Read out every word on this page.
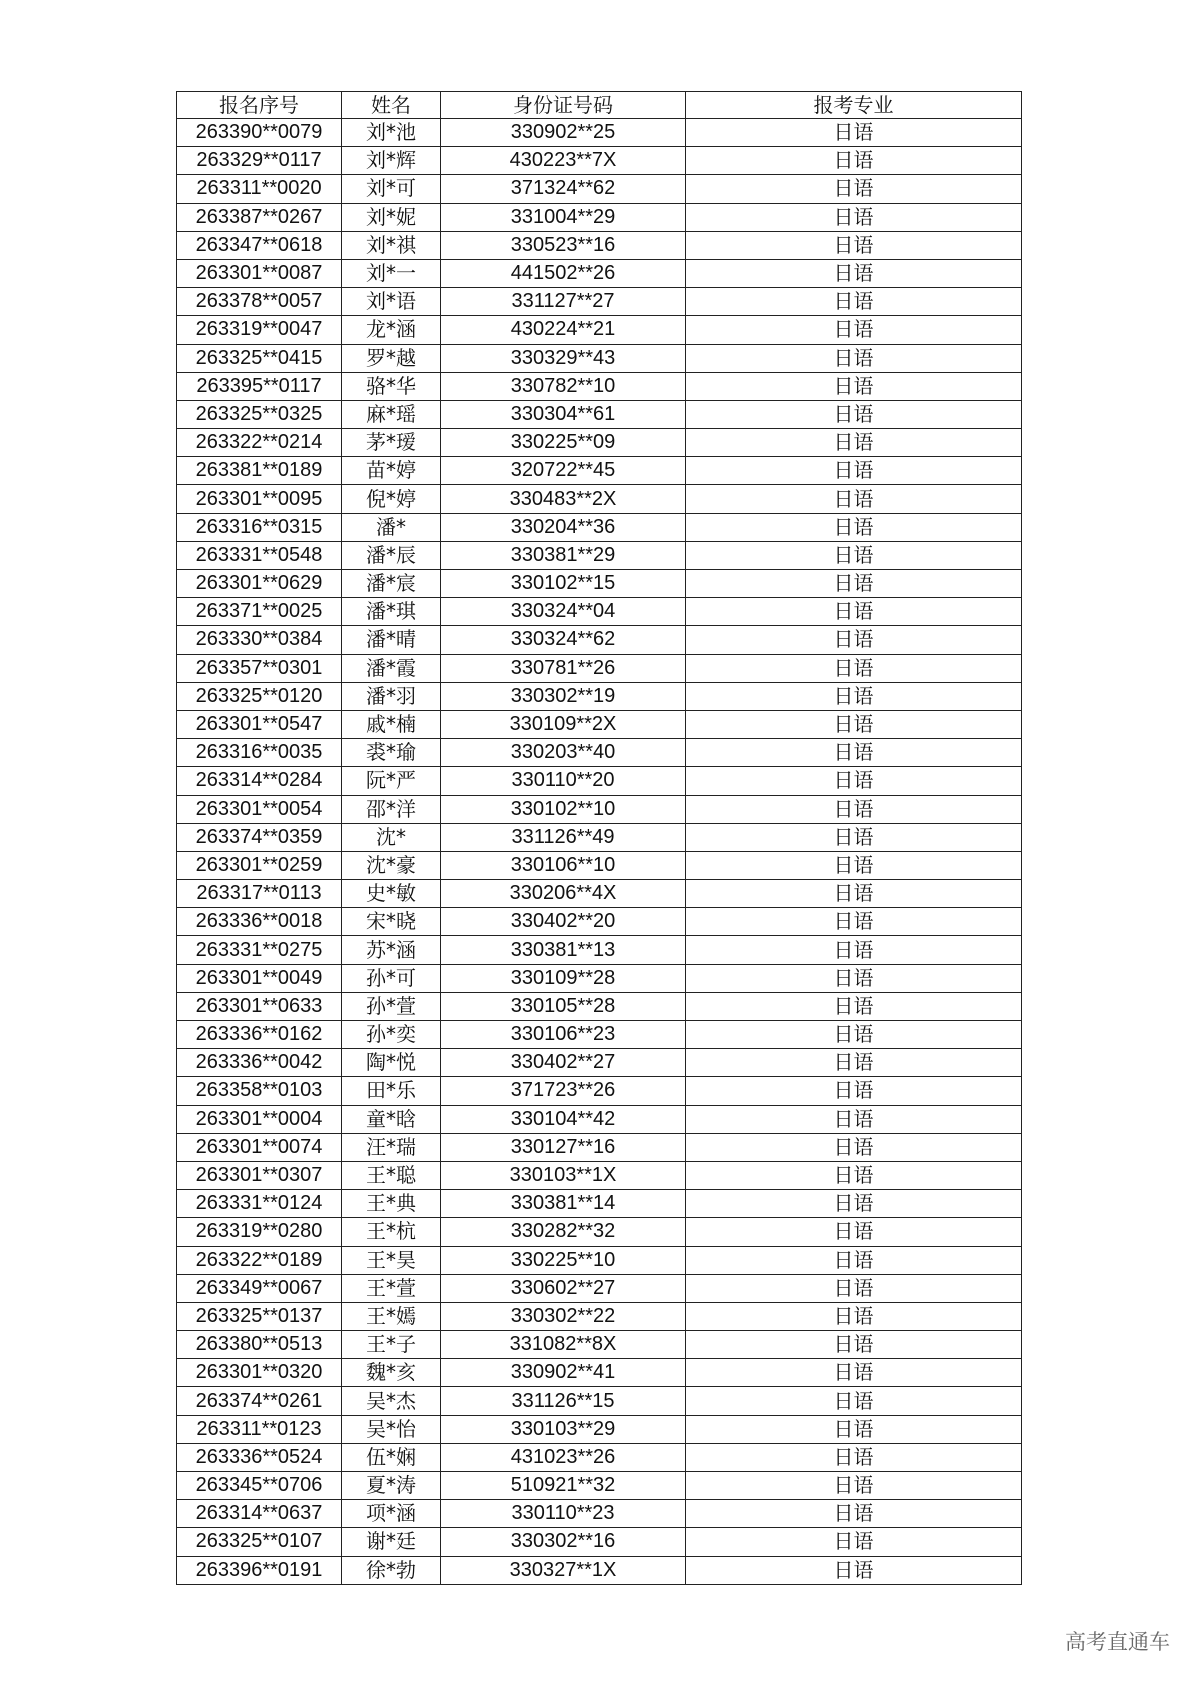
报名序号	姓名	身份证号码	报考专业
263390**0079	刘*池	330902**25	日语
263329**0117	刘*辉	430223**7X	日语
263311**0020	刘*可	371324**62	日语
263387**0267	刘*妮	331004**29	日语
263347**0618	刘*祺	330523**16	日语
263301**0087	刘*一	441502**26	日语
263378**0057	刘*语	331127**27	日语
263319**0047	龙*涵	430224**21	日语
263325**0415	罗*越	330329**43	日语
263395**0117	骆*华	330782**10	日语
263325**0325	麻*瑶	330304**61	日语
263322**0214	茅*瑷	330225**09	日语
263381**0189	苗*婷	320722**45	日语
263301**0095	倪*婷	330483**2X	日语
263316**0315	潘*	330204**36	日语
263331**0548	潘*辰	330381**29	日语
263301**0629	潘*宸	330102**15	日语
263371**0025	潘*琪	330324**04	日语
263330**0384	潘*晴	330324**62	日语
263357**0301	潘*霞	330781**26	日语
263325**0120	潘*羽	330302**19	日语
263301**0547	戚*楠	330109**2X	日语
263316**0035	裘*瑜	330203**40	日语
263314**0284	阮*严	330110**20	日语
263301**0054	邵*洋	330102**10	日语
263374**0359	沈*	331126**49	日语
263301**0259	沈*豪	330106**10	日语
263317**0113	史*敏	330206**4X	日语
263336**0018	宋*晓	330402**20	日语
263331**0275	苏*涵	330381**13	日语
263301**0049	孙*可	330109**28	日语
263301**0633	孙*萱	330105**28	日语
263336**0162	孙*奕	330106**23	日语
263336**0042	陶*悦	330402**27	日语
263358**0103	田*乐	371723**26	日语
263301**0004	童*晗	330104**42	日语
263301**0074	汪*瑞	330127**16	日语
263301**0307	王*聪	330103**1X	日语
263331**0124	王*典	330381**14	日语
263319**0280	王*杭	330282**32	日语
263322**0189	王*昊	330225**10	日语
263349**0067	王*萱	330602**27	日语
263325**0137	王*嫣	330302**22	日语
263380**0513	王*子	331082**8X	日语
263301**0320	魏*亥	330902**41	日语
263374**0261	吴*杰	331126**15	日语
263311**0123	吴*怡	330103**29	日语
263336**0524	伍*娴	431023**26	日语
263345**0706	夏*涛	510921**32	日语
263314**0637	项*涵	330110**23	日语
263325**0107	谢*廷	330302**16	日语
263396**0191	徐*勃	330327**1X	日语
高考直通车
